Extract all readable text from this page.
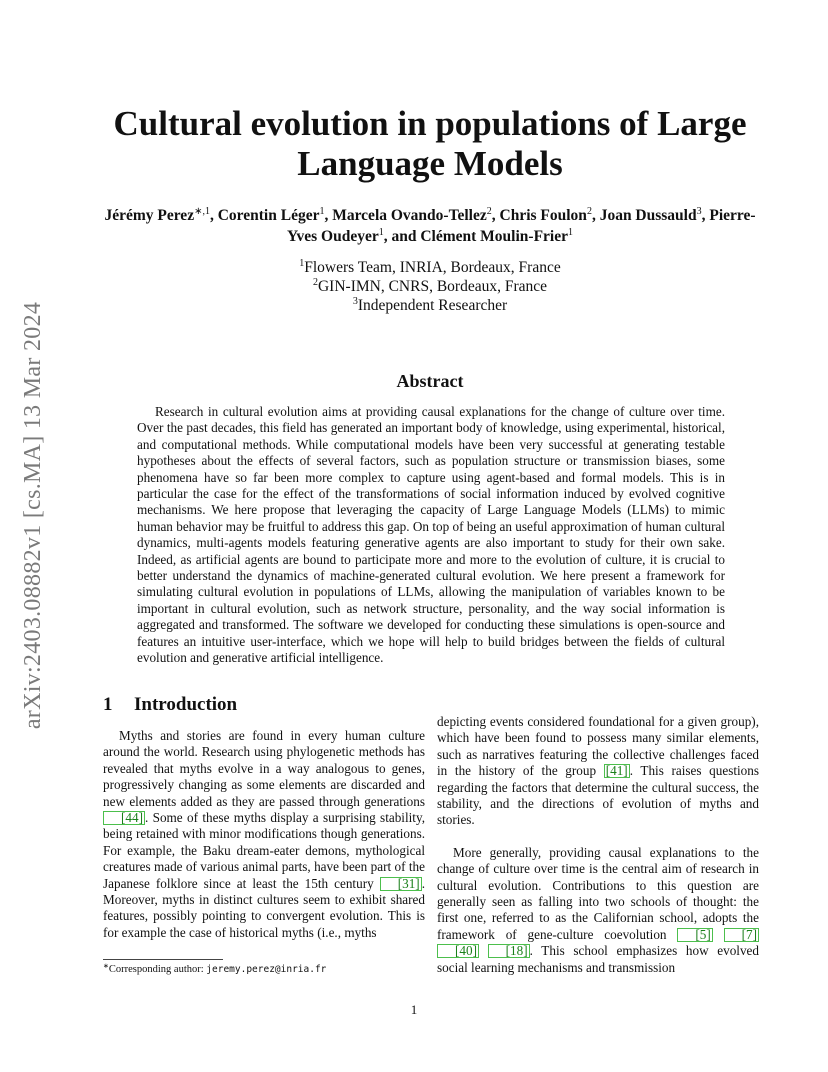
arXiv:2403.08882v1 [cs.MA] 13 Mar 2024
Cultural evolution in populations of Large Language Models
Jérémy Perez$^{∗,1}$, Corentin Léger$^1$, Marcela Ovando-Tellez$^2$, Chris Foulon$^2$, Joan Dussauld$^3$, Pierre-Yves Oudeyer$^1$, and Clément Moulin-Frier$^1$
$^1$Flowers Team, INRIA, Bordeaux, France
$^2$GIN-IMN, CNRS, Bordeaux, France
$^3$Independent Researcher
Abstract

Research in cultural evolution aims at providing causal explanations for the change of culture over time. Over the past decades, this field has generated an important body of knowledge, using experimental, historical, and computational methods. While computational models have been very successful at generating testable hypotheses about the effects of several factors, such as population structure or transmission biases, some phenomena have so far been more complex to capture using agent-based and formal models. This is in particular the case for the effect of the transformations of social information induced by evolved cognitive mechanisms. We here propose that leveraging the capacity of Large Language Models (LLMs) to mimic human behavior may be fruitful to address this gap. On top of being an useful approximation of human cultural dynamics, multi-agents models featuring generative agents are also important to study for their own sake. Indeed, as artificial agents are bound to participate more and more to the evolution of culture, it is crucial to better understand the dynamics of machine-generated cultural evolution. We here present a framework for simulating cultural evolution in populations of LLMs, allowing the manipulation of variables known to be important in cultural evolution, such as network structure, personality, and the way social information is aggregated and transformed. The software we developed for conducting these simulations is open-source and features an intuitive user-interface, which we hope will help to build bridges between the fields of cultural evolution and generative artificial intelligence.

1 Introduction

Myths and stories are found in every human culture around the world. Research using phylogenetic methods has revealed that myths evolve in a way analogous to genes, progressively changing as some elements are discarded and new elements added as they are passed through generations [44] . Some of these myths display a surprising stability, being retained with minor modifications though generations. For example, the Baku dream-eater demons, mythological creatures made of various animal parts, have been part of the Japanese folklore since at least the 15th century [31] . Moreover, myths in distinct cultures seem to exhibit shared features, possibly pointing to convergent evolution. This is for example the case of historical myths (i.e., myths

depicting events considered foundational for a given group), which have been found to possess many similar elements, such as narratives featuring the collective challenges faced in the history of the group [41] . This raises questions regarding the factors that determine the cultural success, the stability, and the directions of evolution of myths and stories.

More generally, providing causal explanations to the change of culture over time is the central aim of research in cultural evolution. Contributions to this question are generally seen as falling into two schools of thought: the first one, referred to as the Californian school, adopts the framework of gene-culture coevolution [5] [7] [40] [18] . This school emphasizes how evolved social learning mechanisms and transmission

∗Corresponding author: jeremy.perez@inria.fr
1
